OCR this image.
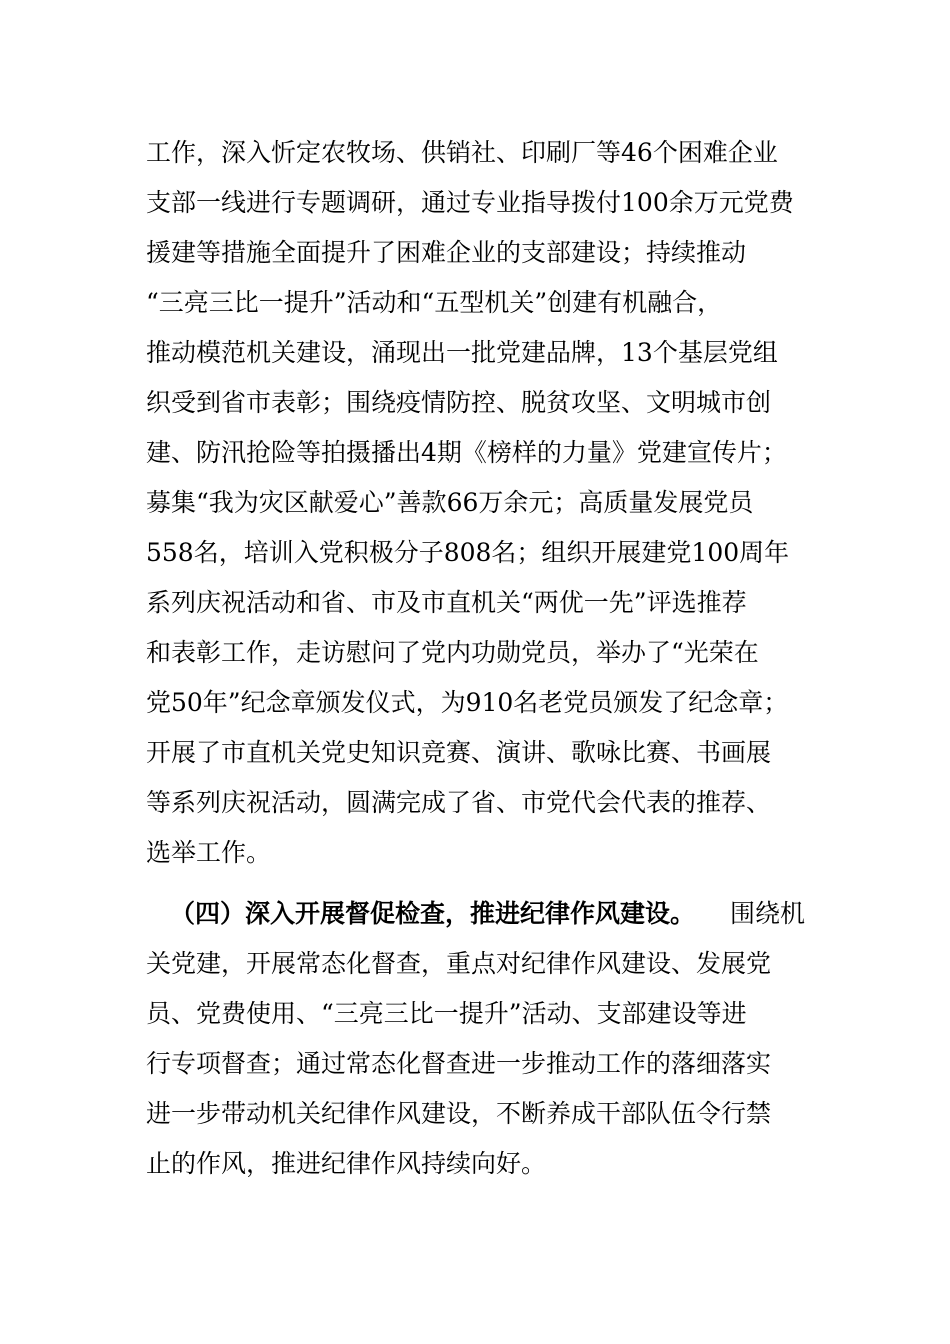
工作，深入忻定农牧场、供销社、印刷厂等46个困难企业
支部一线进行专题调研，通过专业指导拨付100余万元党费
援建等措施全面提升了困难企业的支部建设；持续推动
“三亮三比一提升”活动和“五型机关”创建有机融合，
推动模范机关建设，涌现出一批党建品牌，13个基层党组
织受到省市表彰；围绕疫情防控、脱贫攻坚、文明城市创
建、防汛抢险等拍摄播出4期《榜样的力量》党建宣传片；
募集“我为灾区献爱心”善款66万余元；高质量发展党员
558名，培训入党积极分子808名；组织开展建党100周年
系列庆祝活动和省、市及市直机关“两优一先”评选推荐
和表彰工作，走访慰问了党内功勋党员，举办了“光荣在
党50年”纪念章颁发仪式，为910名老党员颁发了纪念章；
开展了市直机关党史知识竞赛、演讲、歌咏比赛、书画展
等系列庆祝活动，圆满完成了省、市党代会代表的推荐、
选举工作。
（四）深入开展督促检查，推进纪律作风建设。 围绕机
关党建，开展常态化督查，重点对纪律作风建设、发展党
员、党费使用、“三亮三比一提升”活动、支部建设等进
行专项督查；通过常态化督查进一步推动工作的落细落实
进一步带动机关纪律作风建设，不断养成干部队伍令行禁
止的作风，推进纪律作风持续向好。
